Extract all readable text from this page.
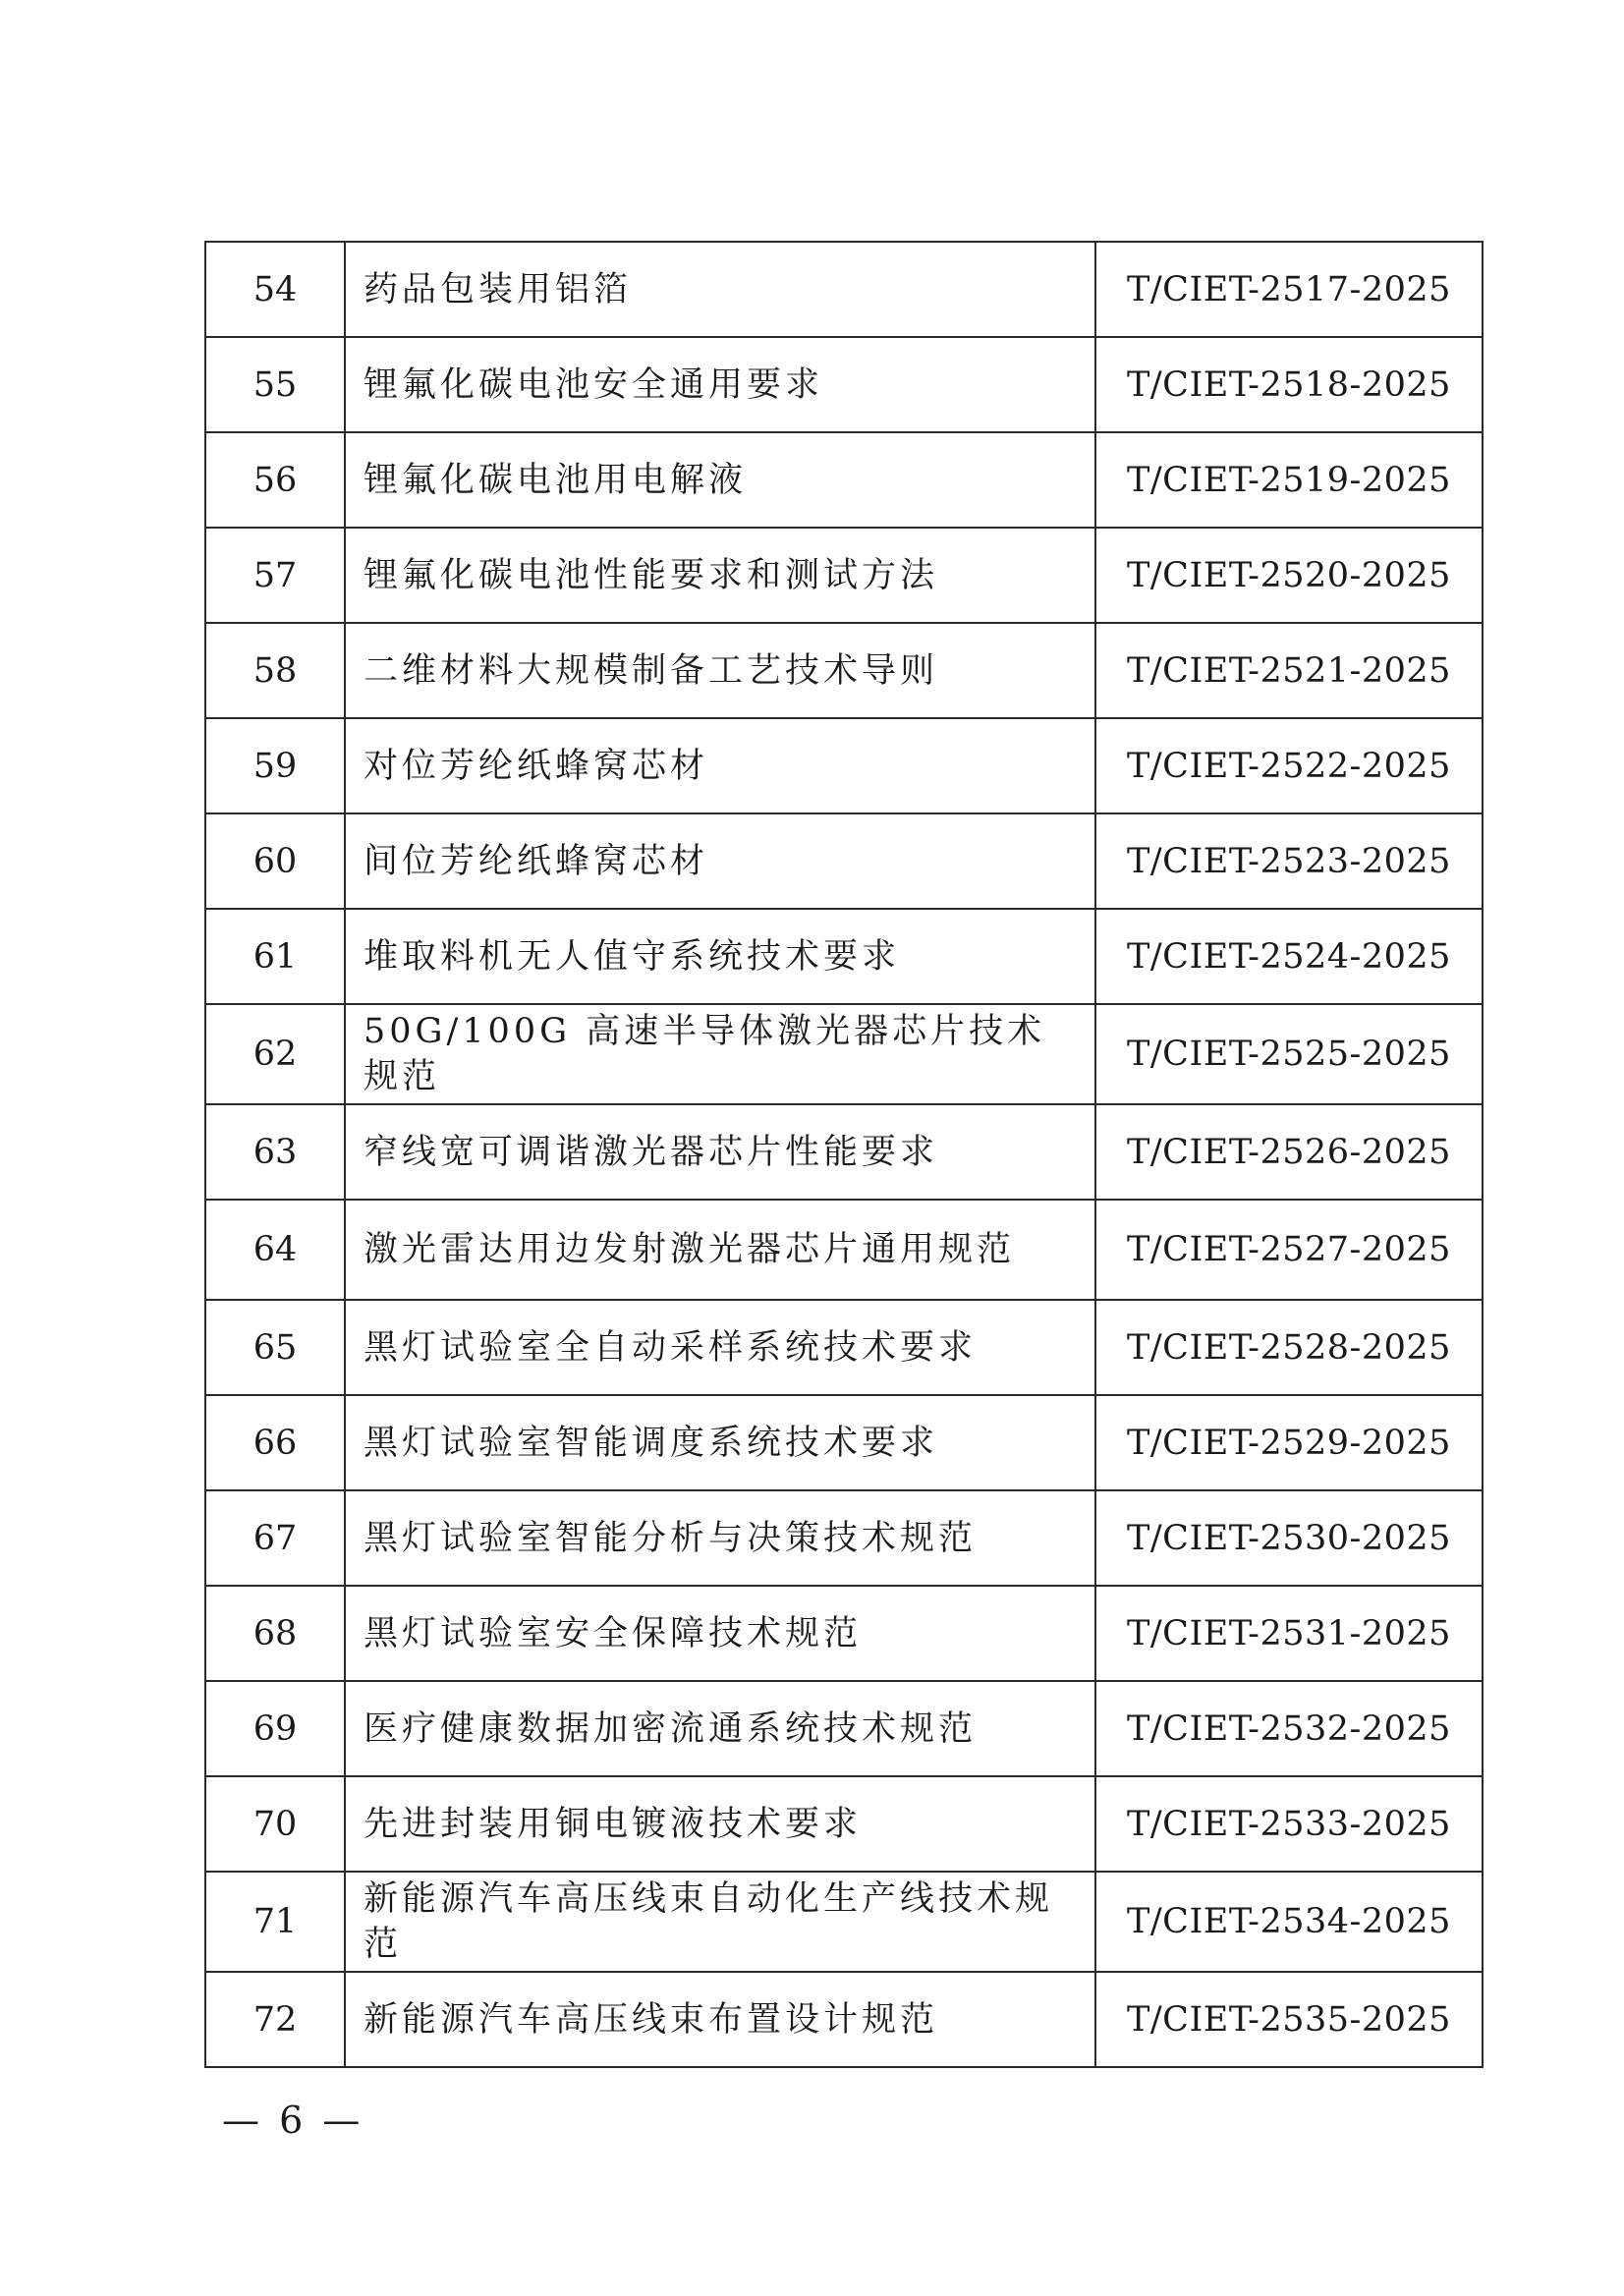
54	药品包装用铝箔	T/CIET-2517-2025
55	锂氟化碳电池安全通用要求	T/CIET-2518-2025
56	锂氟化碳电池用电解液	T/CIET-2519-2025
57	锂氟化碳电池性能要求和测试方法	T/CIET-2520-2025
58	二维材料大规模制备工艺技术导则	T/CIET-2521-2025
59	对位芳纶纸蜂窝芯材	T/CIET-2522-2025
60	间位芳纶纸蜂窝芯材	T/CIET-2523-2025
61	堆取料机无人值守系统技术要求	T/CIET-2524-2025
62	50G/100G 高速半导体激光器芯片技术规范	T/CIET-2525-2025
63	窄线宽可调谐激光器芯片性能要求	T/CIET-2526-2025
64	激光雷达用边发射激光器芯片通用规范	T/CIET-2527-2025
65	黑灯试验室全自动采样系统技术要求	T/CIET-2528-2025
66	黑灯试验室智能调度系统技术要求	T/CIET-2529-2025
67	黑灯试验室智能分析与决策技术规范	T/CIET-2530-2025
68	黑灯试验室安全保障技术规范	T/CIET-2531-2025
69	医疗健康数据加密流通系统技术规范	T/CIET-2532-2025
70	先进封装用铜电镀液技术要求	T/CIET-2533-2025
71	新能源汽车高压线束自动化生产线技术规范	T/CIET-2534-2025
72	新能源汽车高压线束布置设计规范	T/CIET-2535-2025
— 6 —
